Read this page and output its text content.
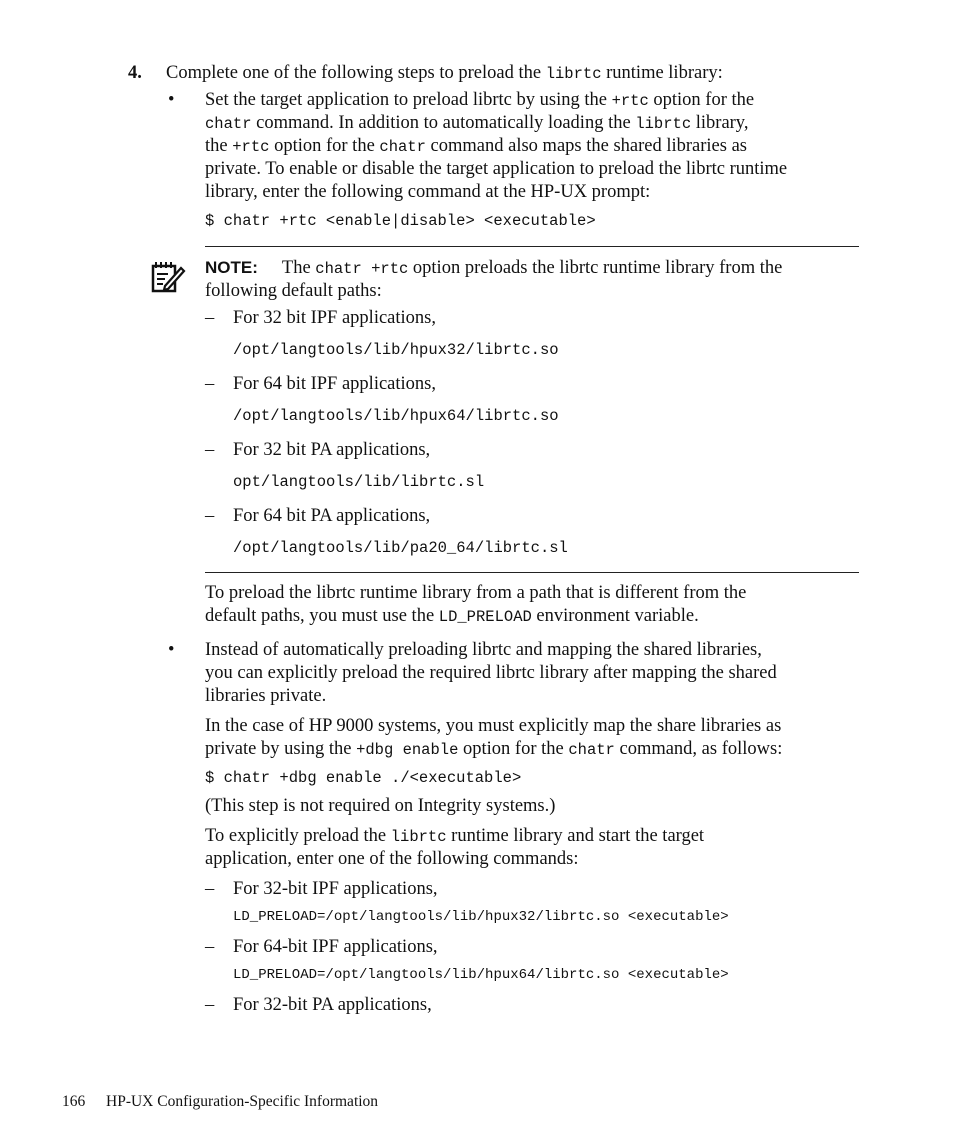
4. Complete one of the following steps to preload the librtc runtime library:
• Set the target application to preload librtc by using the +rtc option for the
chatr command. In addition to automatically loading the librtc library,
the +rtc option for the chatr command also maps the shared libraries as
private. To enable or disable the target application to preload the librtc runtime
library, enter the following command at the HP-UX prompt:
$ chatr +rtc <enable|disable> <executable>
NOTE: The chatr +rtc option preloads the librtc runtime library from the
following default paths:
– For 32 bit IPF applications,
/opt/langtools/lib/hpux32/librtc.so
– For 64 bit IPF applications,
/opt/langtools/lib/hpux64/librtc.so
– For 32 bit PA applications,
opt/langtools/lib/librtc.sl
– For 64 bit PA applications,
/opt/langtools/lib/pa20_64/librtc.sl
To preload the librtc runtime library from a path that is different from the
default paths, you must use the LD_PRELOAD environment variable.
• Instead of automatically preloading librtc and mapping the shared libraries,
you can explicitly preload the required librtc library after mapping the shared
libraries private.
In the case of HP 9000 systems, you must explicitly map the share libraries as
private by using the +dbg enable option for the chatr command, as follows:
$ chatr +dbg enable ./<executable>
(This step is not required on Integrity systems.)
To explicitly preload the librtc runtime library and start the target
application, enter one of the following commands:
– For 32-bit IPF applications,
LD_PRELOAD=/opt/langtools/lib/hpux32/librtc.so <executable>
– For 64-bit IPF applications,
LD_PRELOAD=/opt/langtools/lib/hpux64/librtc.so <executable>
– For 32-bit PA applications,
166 HP-UX Configuration-Specific Information
